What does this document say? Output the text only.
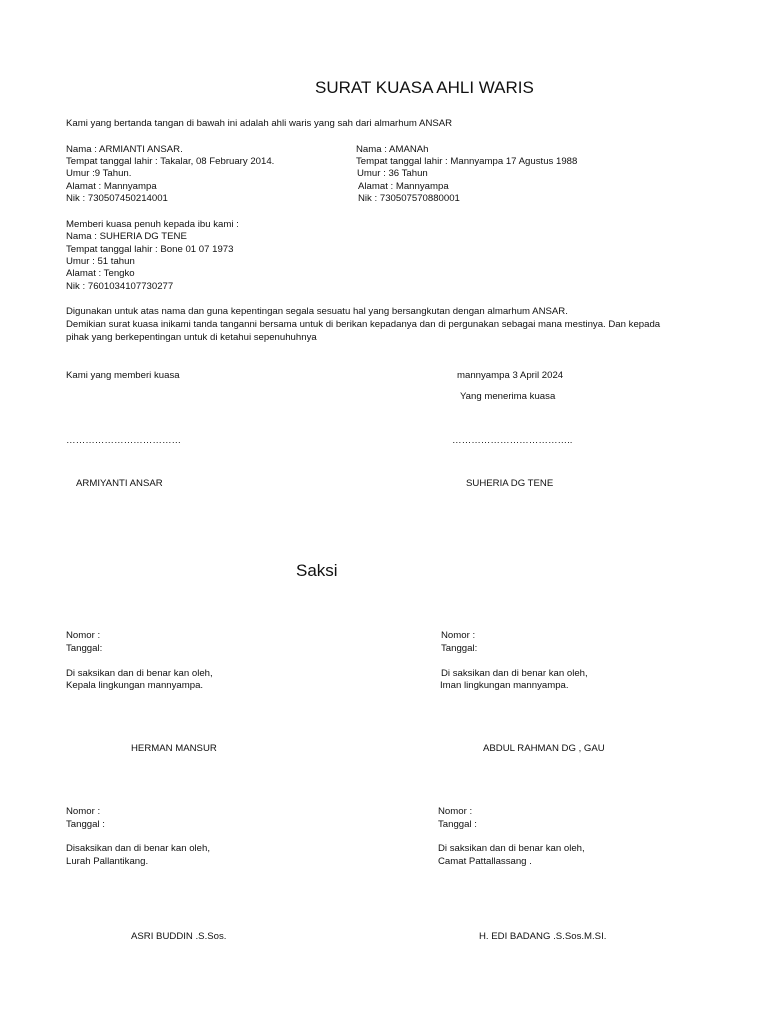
SURAT KUASA AHLI WARIS

Kami yang bertanda tangan di bawah ini adalah ahli waris yang sah dari almarhum ANSAR

Nama : ARMIANTI ANSAR.

Tempat tanggal lahir : Takalar, 08 February 2014.

Umur :9 Tahun.

Alamat : Mannyampa

Nik : 730507450214001

Nama : AMANAh

Tempat tanggal lahir : Mannyampa 17 Agustus 1988

Umur : 36 Tahun

Alamat : Mannyampa

Nik : 730507570880001

Memberi kuasa penuh kepada ibu kami :

Nama : SUHERIA DG TENE

Tempat tanggal lahir : Bone 01 07 1973

Umur : 51 tahun

Alamat : Tengko

Nik : 7601034107730277

Digunakan untuk atas nama dan guna kepentingan segala sesuatu hal yang bersangkutan dengan almarhum ANSAR.

Demikian surat kuasa inikami tanda tanganni bersama untuk di berikan kepadanya dan di pergunakan sebagai mana mestinya. Dan kepada

pihak yang berkepentingan untuk di ketahui sepenuhuhnya

Kami yang memberi kuasa	mannyampa 3 April 2024

Yang menerima kuasa

………………………………	………………………………..

ARMIYANTI ANSAR	SUHERIA DG TENE

Saksi

Nomor :

Tanggal:

Di saksikan dan di benar kan oleh,

Kepala lingkungan mannyampa.

HERMAN MANSUR

Nomor :

Tanggal:

Di saksikan dan di benar kan oleh,

Iman lingkungan mannyampa.

ABDUL RAHMAN DG , GAU

Nomor :

Tanggal :

Disaksikan dan di benar kan oleh,

Lurah Pallantikang.

ASRI BUDDIN .S.Sos.

Nomor :

Tanggal :

Di saksikan dan di benar kan oleh,

Camat Pattallassang .

H. EDI BADANG .S.Sos.M.SI.
